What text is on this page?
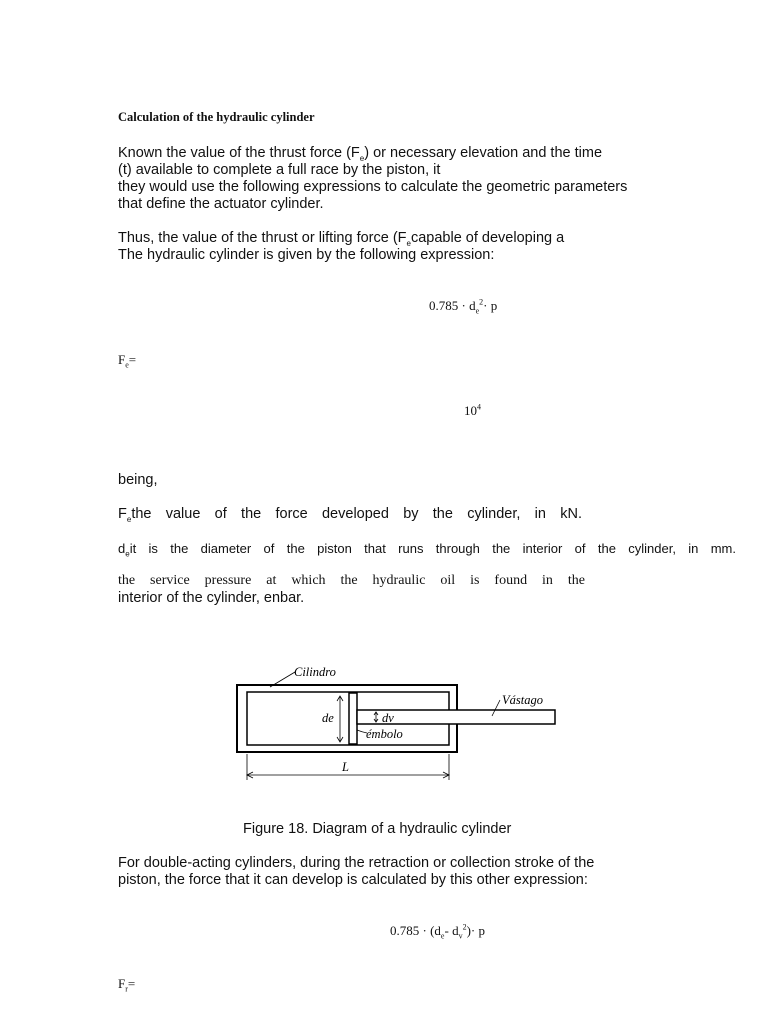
Calculation of the hydraulic cylinder

Known the value of the thrust force $(F_e)$ or necessary elevation and the time

(t) available to complete a full race by the piston, it

they would use the following expressions to calculate the geometric parameters

that define the actuator cylinder.

Thus, the value of the thrust or lifting force ($F_ecapable$ of developing a

The hydraulic cylinder is given by the following expression:

$0.785 \cdot d_e^2\cdot p$
$F_e=$
$10^4$
being,
$F_ethe$ value of the force developed by the cylinder, in kN.
$d_eit$ is the diameter of the piston that runs through the interior of the cylinder, in mm.
the service pressure at which the hydraulic oil is found in the
interior of the cylinder, enbar.
Cilindro
Vástago
de	dv
émbolo
L
Figure 18. Diagram of a hydraulic cylinder

For double-acting cylinders, during the retraction or collection stroke of the

piston, the force that it can develop is calculated by this other expression:

$0.785 \cdot (d_e-$ $d_v^2)\cdot p$
$F_r=$
